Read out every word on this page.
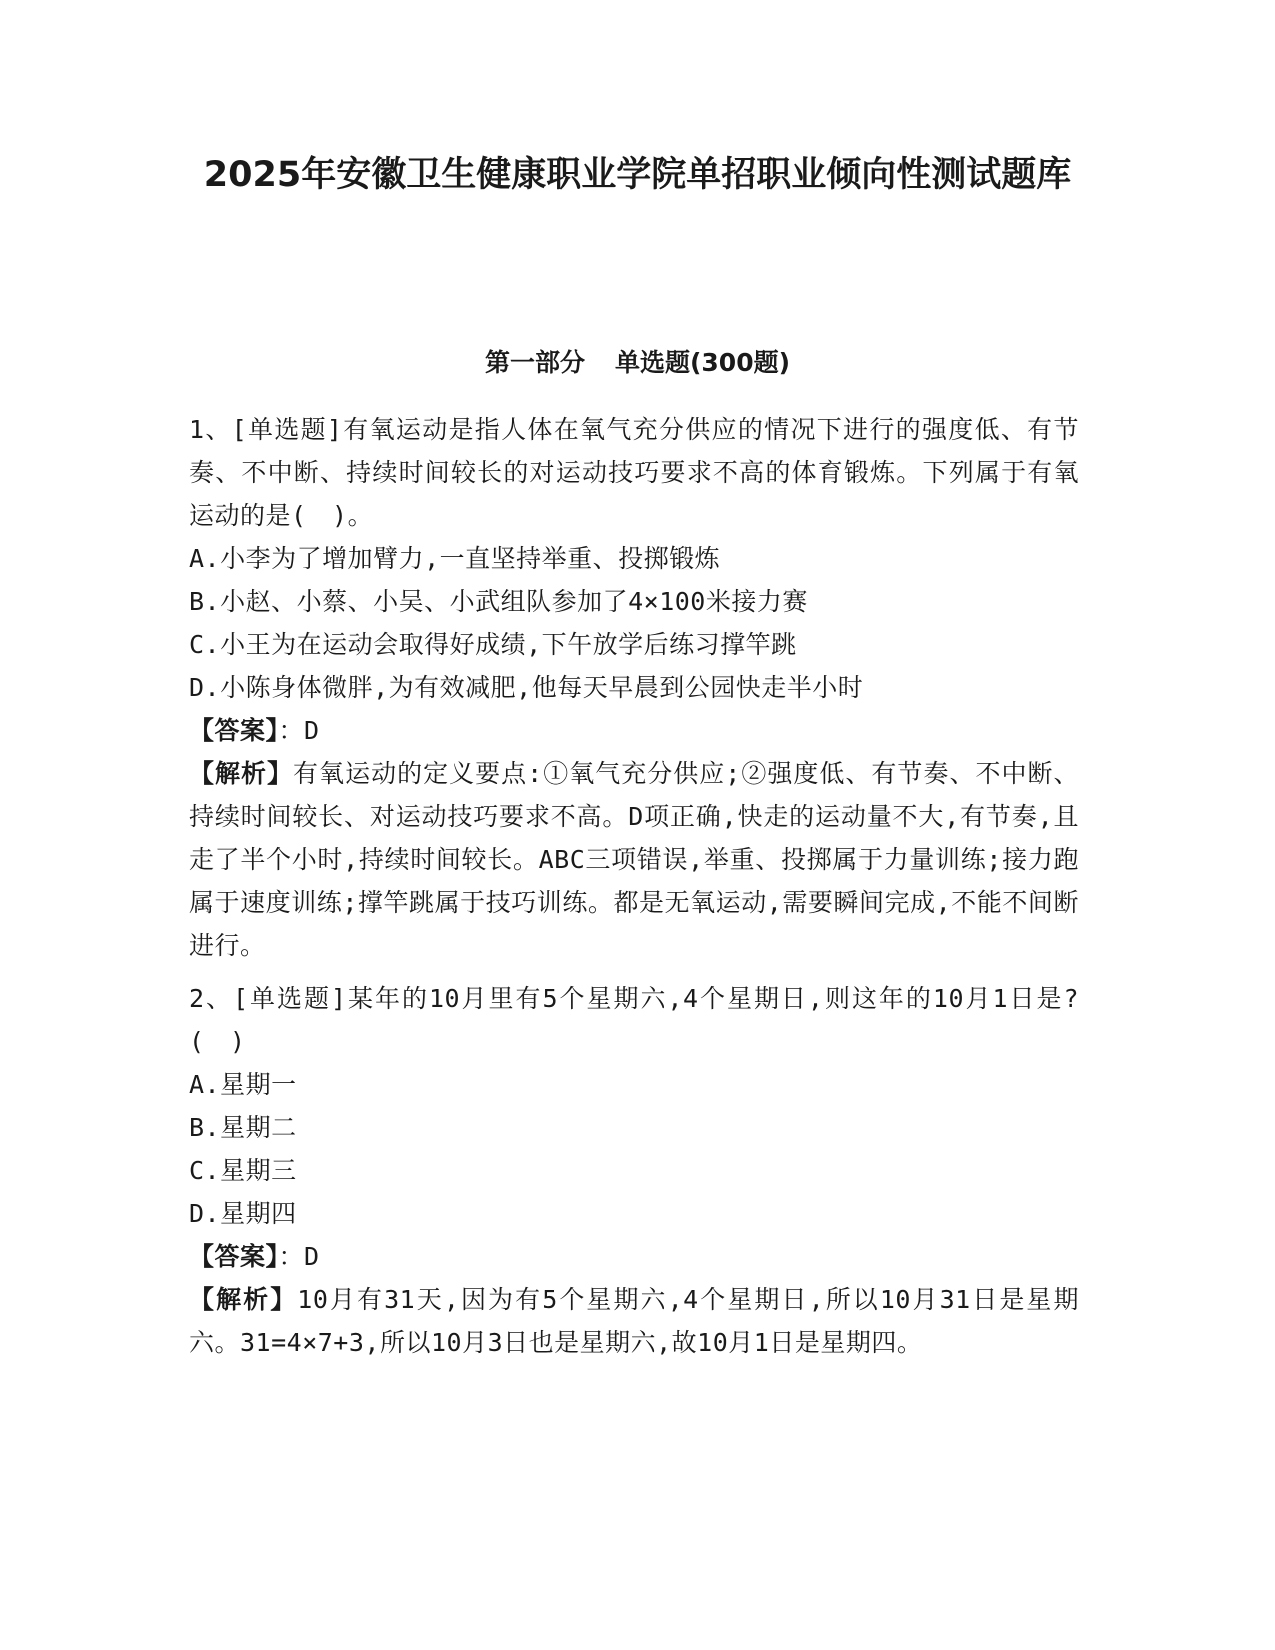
2025年安徽卫生健康职业学院单招职业倾向性测试题库
第一部分 单选题(300题)

1、[单选题]有氧运动是指人体在氧气充分供应的情况下进行的强度低、有节奏、不中断、持续时间较长的对运动技巧要求不高的体育锻炼。下列属于有氧运动的是(　)。

A.小李为了增加臂力,一直坚持举重、投掷锻炼

B.小赵、小蔡、小吴、小武组队参加了4×100米接力赛

C.小王为在运动会取得好成绩,下午放学后练习撑竿跳

D.小陈身体微胖,为有效减肥,他每天早晨到公园快走半小时

【答案】：D

【解析】有氧运动的定义要点:①氧气充分供应;②强度低、有节奏、不中断、持续时间较长、对运动技巧要求不高。D项正确,快走的运动量不大,有节奏,且走了半个小时,持续时间较长。ABC三项错误,举重、投掷属于力量训练;接力跑属于速度训练;撑竿跳属于技巧训练。都是无氧运动,需要瞬间完成,不能不间断进行。

2、[单选题]某年的10月里有5个星期六,4个星期日,则这年的10月1日是?(　)

A.星期一

B.星期二

C.星期三

D.星期四

【答案】：D

【解析】10月有31天,因为有5个星期六,4个星期日,所以10月31日是星期六。31=4×7+3,所以10月3日也是星期六,故10月1日是星期四。
